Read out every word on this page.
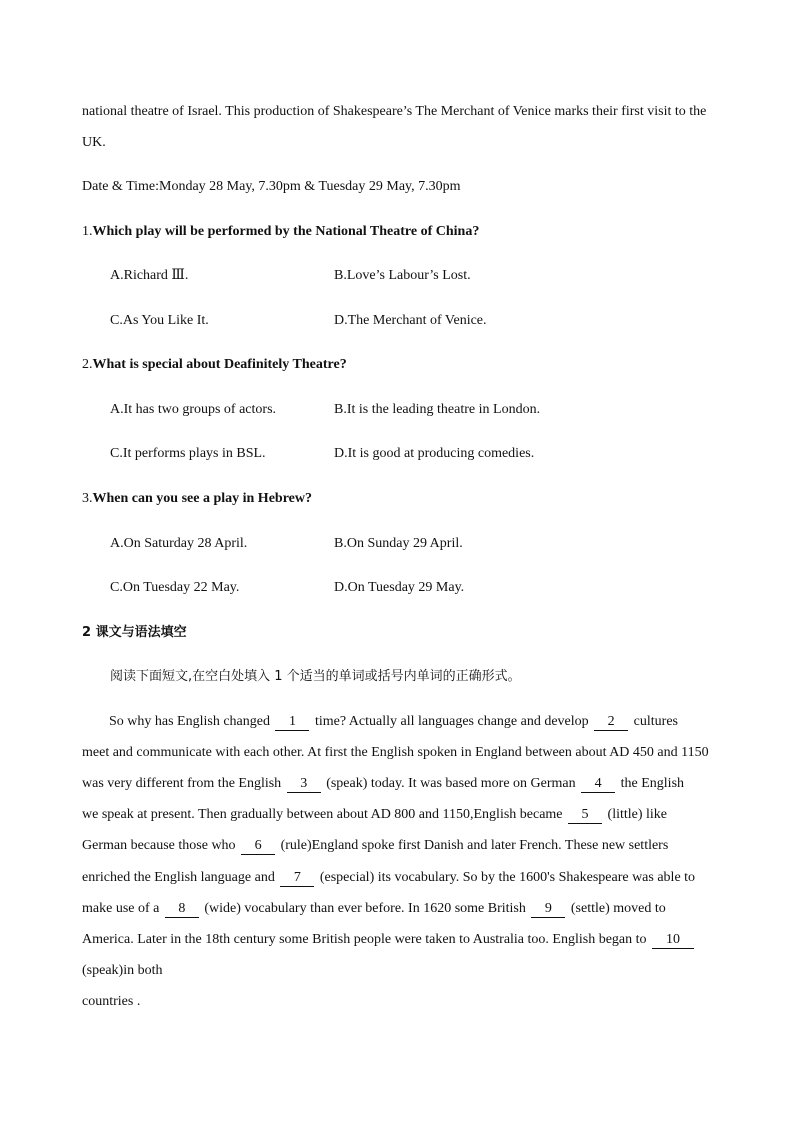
national theatre of Israel. This production of Shakespeare’s The Merchant of Venice marks their first visit to the
UK.
Date & Time:Monday 28 May, 7.30pm & Tuesday 29 May, 7.30pm
1.Which play will be performed by the National Theatre of China?
A.Richard Ⅲ.	B.Love’s Labour’s Lost.
C.As You Like It.	D.The Merchant of Venice.
2.What is special about Deafinitely Theatre?
A.It has two groups of actors.	B.It is the leading theatre in London.
C.It performs plays in BSL.	D.It is good at producing comedies.
3.When can you see a play in Hebrew?
A.On Saturday 28 April.	B.On Sunday 29 April.
C.On Tuesday 22 May.	D.On Tuesday 29 May.
2 课文与语法填空
阅读下面短文,在空白处填入 1 个适当的单词或括号内单词的正确形式。
So why has English changed 1 time? Actually all languages change and develop 2 cultures
meet and communicate with each other. At first the English spoken in England between about AD 450 and 1150
was very different from the English 3 (speak) today. It was based more on German 4 the English
we speak at present. Then gradually between about AD 800 and 1150,English became 5 (little) like
German because those who 6 (rule)England spoke first Danish and later French. These new settlers
enriched the English language and 7 (especial) its vocabulary. So by the 1600's Shakespeare was able to
make use of a 8 (wide) vocabulary than ever before. In 1620 some British 9 (settle) moved to
America. Later in the 18th century some British people were taken to Australia too. English began to 10
(speak)in both
countries .
